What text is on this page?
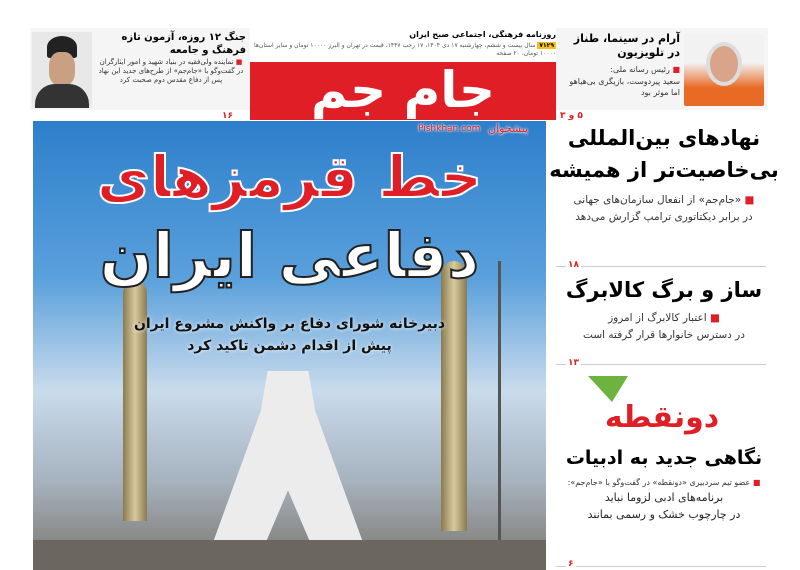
روزنامه فرهنگی، اجتماعی صبح ایران
۷۱۲۹ سال بیست و ششم، چهارشنبه ۱۷ دی ۱۴۰۴، ۱۷ رجب ۱۴۴۷، قیمت در تهران و البرز ۱۰۰۰۰ تومان و سایر استان‌ها ۱۰۰۰۰ تومان، ۲۰ صفحه
جام جم
آرام در سینما، طناز در تلویزیون
■ رئیس رسانه ملی:
سعید پیردوست، بازیگری بی‌هیاهو اما موثر بود
۵ و ۳
جنگ ۱۲ روزه، آزمون تازه فرهنگ و جامعه
■ نماینده ولی‌فقیه در بنیاد شهید و امور ایثارگران
در گفت‌وگو با «جام‌جم» از طرح‌های جدید این نهاد
پس از دفاع مقدس دوم صحبت کرد
۱۶
خط قرمزهای
دفاعی ایران
دبیرخانه شورای دفاع بر واکنش مشروع ایران
پیش از اقدام دشمن تاکید کرد
پیشخوان
Pishkhan.com	نهادهای بین‌المللی
بی‌خاصیت‌تر از همیشه
■ «جام‌جم» از انفعال سازمان‌های جهانی
در برابر دیکتاتوری ترامپ گزارش می‌دهد
۱۸
ساز و برگ کالابرگ
■ اعتبار کالابرگ از امروز
در دسترس خانوارها قرار گرفته است
۱۳
دونقطه
نگاهی جدید به ادبیات
■ عضو تیم سردبیری «دونقطه» در گفت‌وگو با «جام‌جم»:
برنامه‌های ادبی لزوما نباید
در چارچوب خشک و رسمی بمانند
۶
